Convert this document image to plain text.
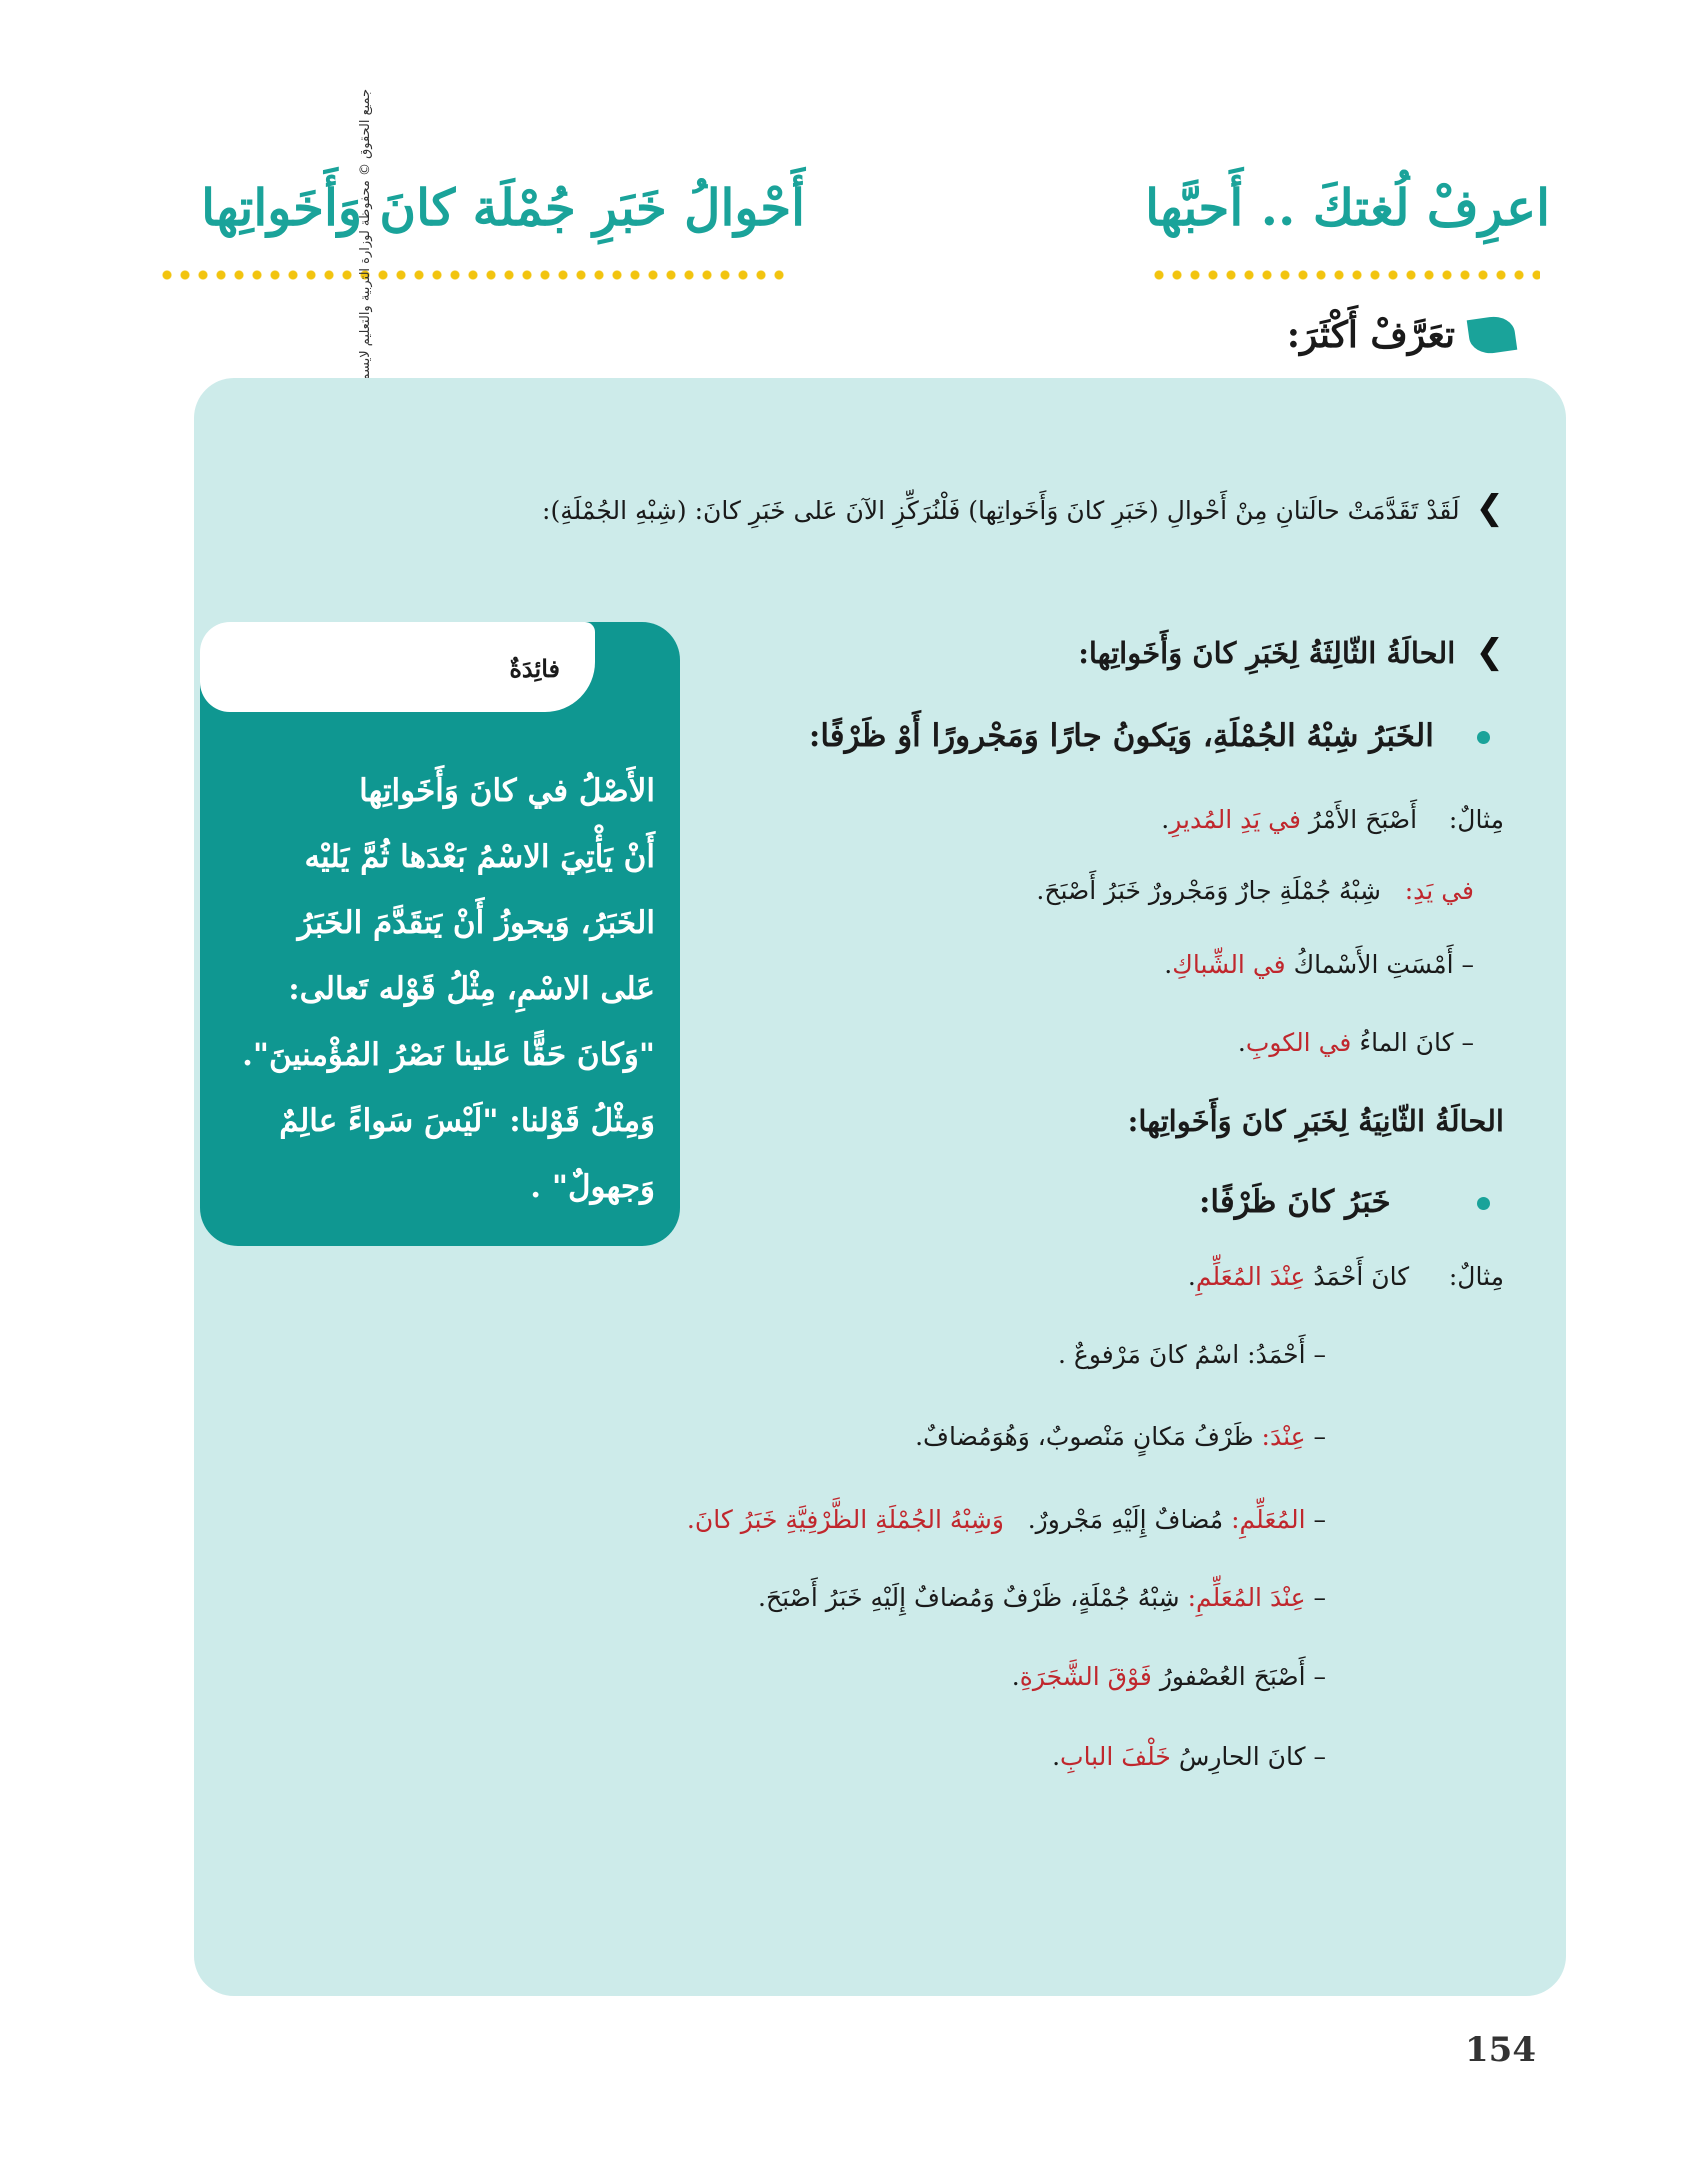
أَحْوالُ خَبَرِ جُمْلَة كانَ وَأَخَواتِها	اعرِفْ لُغتكَ .. أَحبَّها
تعَرَّفْ أَكْثَرَ:
❯  لَقَدْ تَقَدَّمَتْ حالَتانِ مِنْ أَحْوالِ (خَبَرِ كانَ وَأَخَواتِها) فَلْنُرَكِّزِ الآنَ عَلى خَبَرِ كانَ: (شِبْهِ الجُمْلَةِ):
❯  الحالَةُ الثّالِثَةُ لِخَبَرِ كانَ وَأَخَواتِها:
الخَبَرُ شِبْهُ الجُمْلَةِ، وَيَكونُ جارًا وَمَجْرورًا أَوْ ظَرْفًا:
مِثالٌ:    أَصْبَحَ الأَمْرُ في يَدِ المُديرِ.
في يَدِ:   شِبْهُ جُمْلَةِ جارٌ وَمَجْرورٌ خَبَرُ أَصْبَحَ.
– أَمْسَتِ الأَسْماكُ في الشِّباكِ.
– كانَ الماءُ في الكوبِ.
الحالَةُ الثّانِيَةُ لِخَبَرِ كانَ وَأَخَواتِها:
خَبَرُ كانَ ظَرْفًا:
مِثالٌ:     كانَ أَحْمَدُ عِنْدَ المُعَلِّمِ.
– أَحْمَدُ: اسْمُ كانَ مَرْفوعٌ .
– عِنْدَ: ظَرْفُ مَكانٍ مَنْصوبٌ، وَهُوَمُضافٌ.
– المُعَلِّمِ: مُضافٌ إِلَيْهِ مَجْرورٌ.   وَشِبْهُ الجُمْلَةِ الظَّرْفِيَّةِ خَبَرُ كانَ.
– عِنْدَ المُعَلِّمِ: شِبْهُ جُمْلَةٍ، ظَرْفٌ وَمُضافٌ إِلَيْهِ خَبَرُ أَصْبَحَ.
– أَصْبَحَ العُصْفورُ فَوْقَ الشَّجَرَةِ.
– كانَ الحارِسُ خَلْفَ البابِ.
فائِدَةٌ
الأَصْلُ في كانَ وَأَخَواتِها
أَنْ يَأْتِيَ الاسْمُ بَعْدَها ثُمَّ يَليْه
الخَبَرُ، وَيجوزُ أَنْ يَتقَدَّمَ الخَبَرُ
عَلى الاسْمِ، مِثْلُ قَوْله تَعالى:
"وَكانَ حَقًّا عَلينا نَصْرُ المُؤْمنينَ".
وَمِثْلُ قَوْلنا: "لَيْسَ سَواءً عالِمٌ
وَجهولٌ" .
154
